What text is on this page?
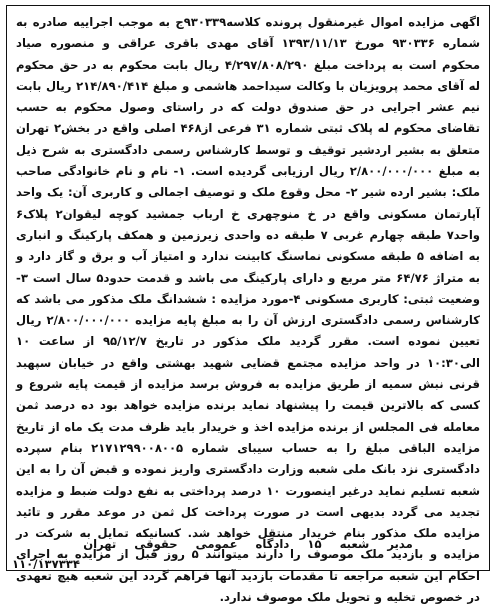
اگهی مزایده اموال غیرمنقول پرونده کلاسه۹۳۰۳۳۹ج به موجب اجراییه صادره به شماره ۹۳۰۳۳۶ مورخ ۱۳۹۳/۱۱/۱۳ آقای مهدی باقری عراقی و منصوره صیاد محکوم است به پرداخت مبلغ ۴/۲۹۷/۸۰۸/۲۹۰ ریال بابت محکوم به در حق محکوم له آقای محمد پرویزیان با وکالت سیداحمد هاشمی و مبلغ ۲۱۴/۸۹۰/۴۱۴ ریال بابت نیم عشر اجرایی در حق صندوق دولت که در راستای وصول محکوم به حسب تقاضای محکوم له پلاک ثبتی شماره ۳۱ فرعی از۴۶۸ اصلی واقع در بخش۲ تهران متعلق به بشیر اردشیر توقیف و توسط کارشناس رسمی دادگستری به شرح ذیل به مبلغ ۲/۸۰۰/۰۰۰/۰۰۰ ریال ارزیابی گردیده است. ۱- نام و نام خانوادگی صاحب ملک: بشیر ارده شیر ۲- محل وقوع ملک و توصیف اجمالی و کاربری آن: یک واحد آپارتمان مسکونی واقع در خ منوچهری خ ارباب جمشید کوچه لیقوان۲ پلاک۶ واحد۷ طبقه چهارم غربی ۷ طبقه ده واحدی زیرزمین و همکف پارکینگ و انباری به اضافه ۵ طبقه مسکونی نماسنگ کابینت ندارد و امتیاز آب و برق و گاز دارد و به متراژ ۶۴/۷۶ متر مربع و دارای پارکینگ می باشد و قدمت حدود۵ سال است ۳- وضعیت ثبتی: کاربری مسکونی ۴-مورد مزایده : ششدانگ ملک مذکور می باشد که کارشناس رسمی دادگستری ارزش آن را به مبلغ پایه مزایده ۲/۸۰۰/۰۰۰/۰۰۰ ریال تعیین نموده است. مقرر گردید ملک مذکور در تاریخ ۹۵/۱۲/۷ از ساعت ۱۰ الی۱۰:۳۰ در واحد مزایده مجتمع قضایی شهید بهشتی واقع در خیابان سپهبد قرنی نبش سمیه از طریق مزایده به فروش برسد مزایده از قیمت پایه شروع و کسی که بالاترین قیمت را پیشنهاد نماید برنده مزایده خواهد بود ده درصد ثمن معامله فی المجلس از برنده مزایده اخذ و خریدار باید ظرف مدت یک ماه از تاریخ مزایده الباقی مبلغ را به حساب سیبای شماره ۲۱۷۱۲۹۹۰۰۸۰۰۵ بنام سپرده دادگستری نزد بانک ملی شعبه وزارت دادگستری واریز نموده و قبض آن را به این شعبه تسلیم نماید درغیر اینصورت ۱۰ درصد پرداختی به نفع دولت ضبط و مزایده تجدید می گردد بدیهی است در صورت پرداخت کل ثمن در موعد مقرر و تائید مزایده ملک مذکور بنام خریدار منتقل خواهد شد. کسانیکه تمایل به شرکت در مزایده و بازدید ملک موصوف را دارند میتوانند ۵ روز قبل از مزایده به اجرای احکام این شعبه مراجعه تا مقدمات بازدید آنها فراهم گردد این شعبه هیچ تعهدی در خصوص تخلیه و تحویل ملک موصوف ندارد.

مدیر شعبه ۱۵ دادگاه عمومی حقوقی تهران
۱۱۰/۱۳۷۳۳۴
